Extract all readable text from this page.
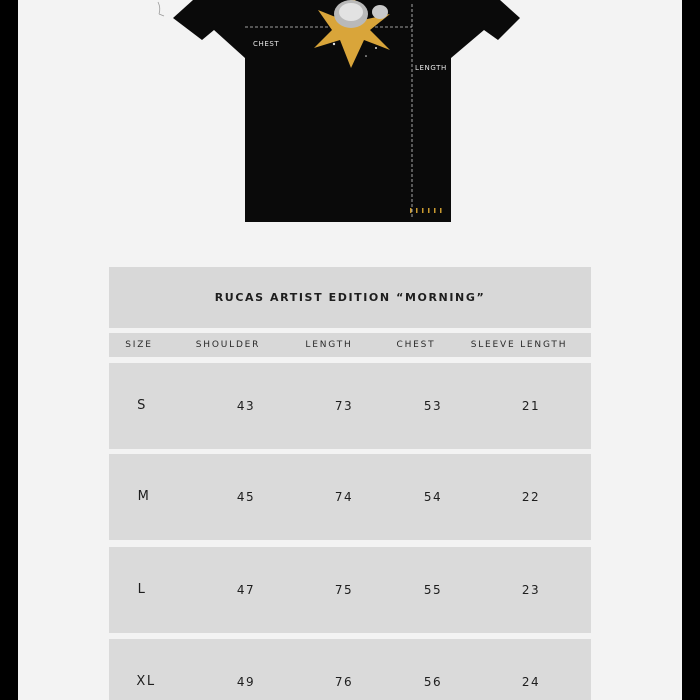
CHEST
LENGTH
RUCAS ARTIST EDITION “MORNING”
SIZE	SHOULDER	LENGTH	CHEST	SLEEVE LENGTH
S	43	73	53	21
M	45	74	54	22
L	47	75	55	23
XL	49	76	56	24
